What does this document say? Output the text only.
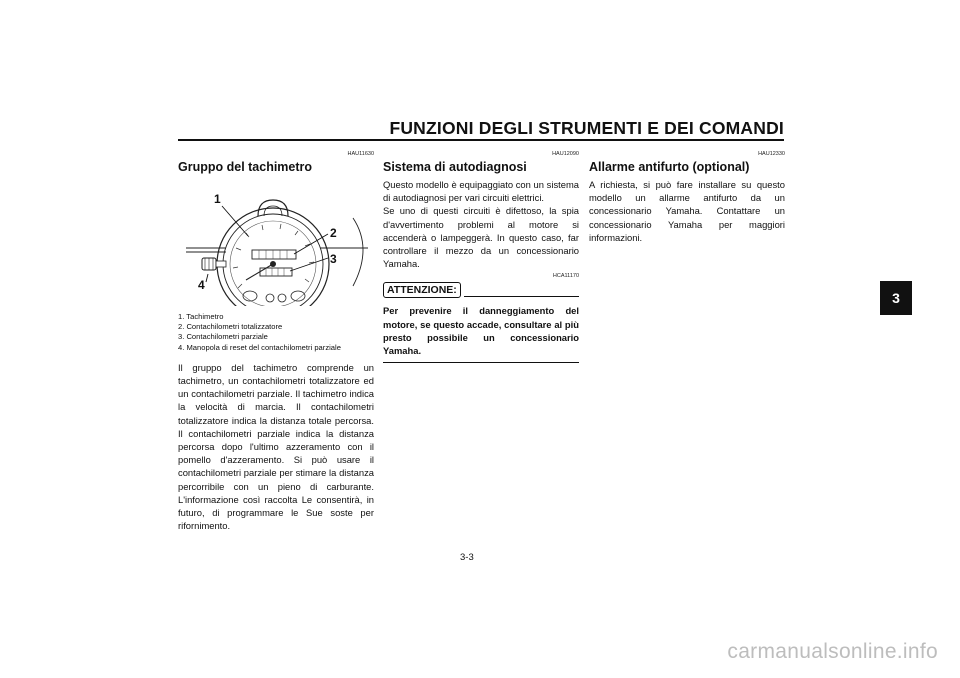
FUNZIONI DEGLI STRUMENTI E DEI COMANDI
3
HAU11630
Gruppo del tachimetro
1
2
3
4
1. Tachimetro
2. Contachilometri totalizzatore
3. Contachilometri parziale
4. Manopola di reset del contachilometri parziale

Il gruppo del tachimetro comprende un tachimetro, un contachilometri totalizzatore ed un contachilometri parziale. Il tachimetro indica la velocità di marcia. Il contachilometri totalizzatore indica la distanza totale percorsa. Il contachilometri parziale indica la distanza percorsa dopo l'ultimo azzeramento con il pomello d'azzeramento. Si può usare il contachilometri parziale per stimare la distanza percorribile con un pieno di carburante. L'informazione così raccolta Le consentirà, in futuro, di programmare le Sue soste per rifornimento.

HAU12090
Sistema di autodiagnosi

Questo modello è equipaggiato con un sistema di autodiagnosi per vari circuiti elettrici.

Se uno di questi circuiti è difettoso, la spia d'avvertimento problemi al motore si accenderà o lampeggerà. In questo caso, far controllare il mezzo da un concessionario Yamaha.

HCA11170
ATTENZIONE:

Per prevenire il danneggiamento del motore, se questo accade, consultare al più presto possibile un concessionario Yamaha.

HAU12330
Allarme antifurto (optional)

A richiesta, si può fare installare su questo modello un allarme antifurto da un concessionario Yamaha. Contattare un concessionario Yamaha per maggiori informazioni.

3-3
carmanualsonline.info
